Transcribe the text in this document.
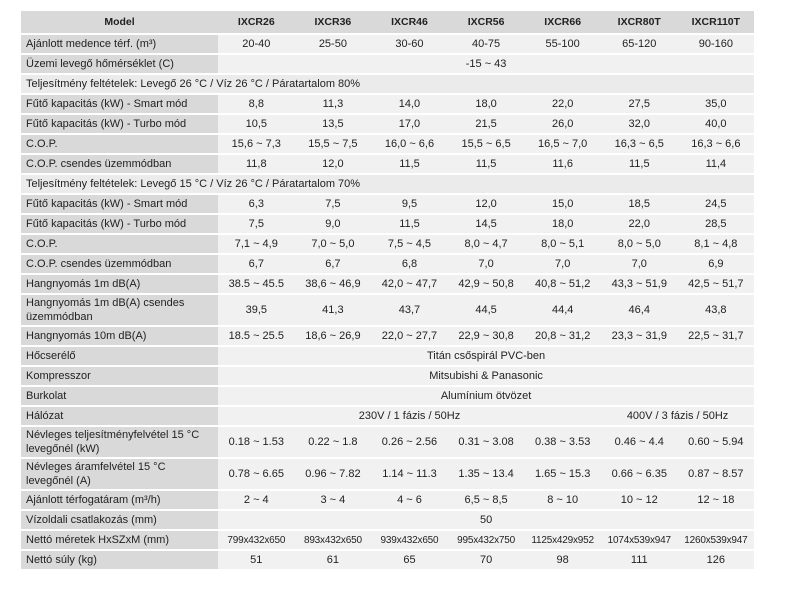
Model	IXCR26	IXCR36	IXCR46	IXCR56	IXCR66	IXCR80T	IXCR110T
Ajánlott medence térf. (m³)	20-40	25-50	30-60	40-75	55-100	65-120	90-160
Üzemi levegő hőmérséklet (C)	-15 ~ 43						
Teljesítmény feltételek: Levegő 26 °C / Víz 26 °C / Páratartalom 80%							
Fűtő kapacitás (kW) - Smart mód	8,8	11,3	14,0	18,0	22,0	27,5	35,0
Fűtő kapacitás (kW) - Turbo mód	10,5	13,5	17,0	21,5	26,0	32,0	40,0
C.O.P.	15,6 ~ 7,3	15,5 ~ 7,5	16,0 ~ 6,6	15,5 ~ 6,5	16,5 ~ 7,0	16,3 ~ 6,5	16,3 ~ 6,6
C.O.P. csendes üzemmódban	11,8	12,0	11,5	11,5	11,6	11,5	11,4
Teljesítmény feltételek: Levegő 15 °C / Víz 26 °C / Páratartalom 70%							
Fűtő kapacitás (kW) - Smart mód	6,3	7,5	9,5	12,0	15,0	18,5	24,5
Fűtő kapacitás (kW) - Turbo mód	7,5	9,0	11,5	14,5	18,0	22,0	28,5
C.O.P.	7,1 ~ 4,9	7,0 ~ 5,0	7,5 ~ 4,5	8,0 ~ 4,7	8,0 ~ 5,1	8,0 ~ 5,0	8,1 ~ 4,8
C.O.P. csendes üzemmódban	6,7	6,7	6,8	7,0	7,0	7,0	6,9
Hangnyomás 1m dB(A)	38.5 ~ 45.5	38,6 ~ 46,9	42,0 ~ 47,7	42,9 ~ 50,8	40,8 ~ 51,2	43,3 ~ 51,9	42,5 ~ 51,7
Hangnyomás 1m dB(A) csendes üzemmódban	39,5	41,3	43,7	44,5	44,4	46,4	43,8
Hangnyomás 10m dB(A)	18.5 ~ 25.5	18,6 ~ 26,9	22,0 ~ 27,7	22,9 ~ 30,8	20,8 ~ 31,2	23,3 ~ 31,9	22,5 ~ 31,7
Hőcserélő	Titán csőspirál PVC-ben						
Kompresszor	Mitsubishi & Panasonic						
Burkolat	Alumínium ötvözet						
Hálózat	230V / 1 fázis / 50Hz					400V / 3 fázis / 50Hz	
Névleges teljesítményfelvétel 15 °C levegőnél (kW)	0.18 ~ 1.53	0.22 ~ 1.8	0.26 ~ 2.56	0.31 ~ 3.08	0.38 ~ 3.53	0.46 ~ 4.4	0.60 ~ 5.94
Névleges áramfelvétel 15 °C levegőnél (A)	0.78 ~ 6.65	0.96 ~ 7.82	1.14 ~ 11.3	1.35 ~ 13.4	1.65 ~ 15.3	0.66 ~ 6.35	0.87 ~ 8.57
Ajánlott térfogatáram (m³/h)	2 ~ 4	3 ~ 4	4 ~ 6	6,5 ~ 8,5	8 ~ 10	10 ~ 12	12 ~ 18
Vízoldali csatlakozás (mm)	50						
Nettó méretek HxSZxM (mm)	799x432x650	893x432x650	939x432x650	995x432x750	1125x429x952	1074x539x947	1260x539x947
Nettó súly (kg)	51	61	65	70	98	111	126
